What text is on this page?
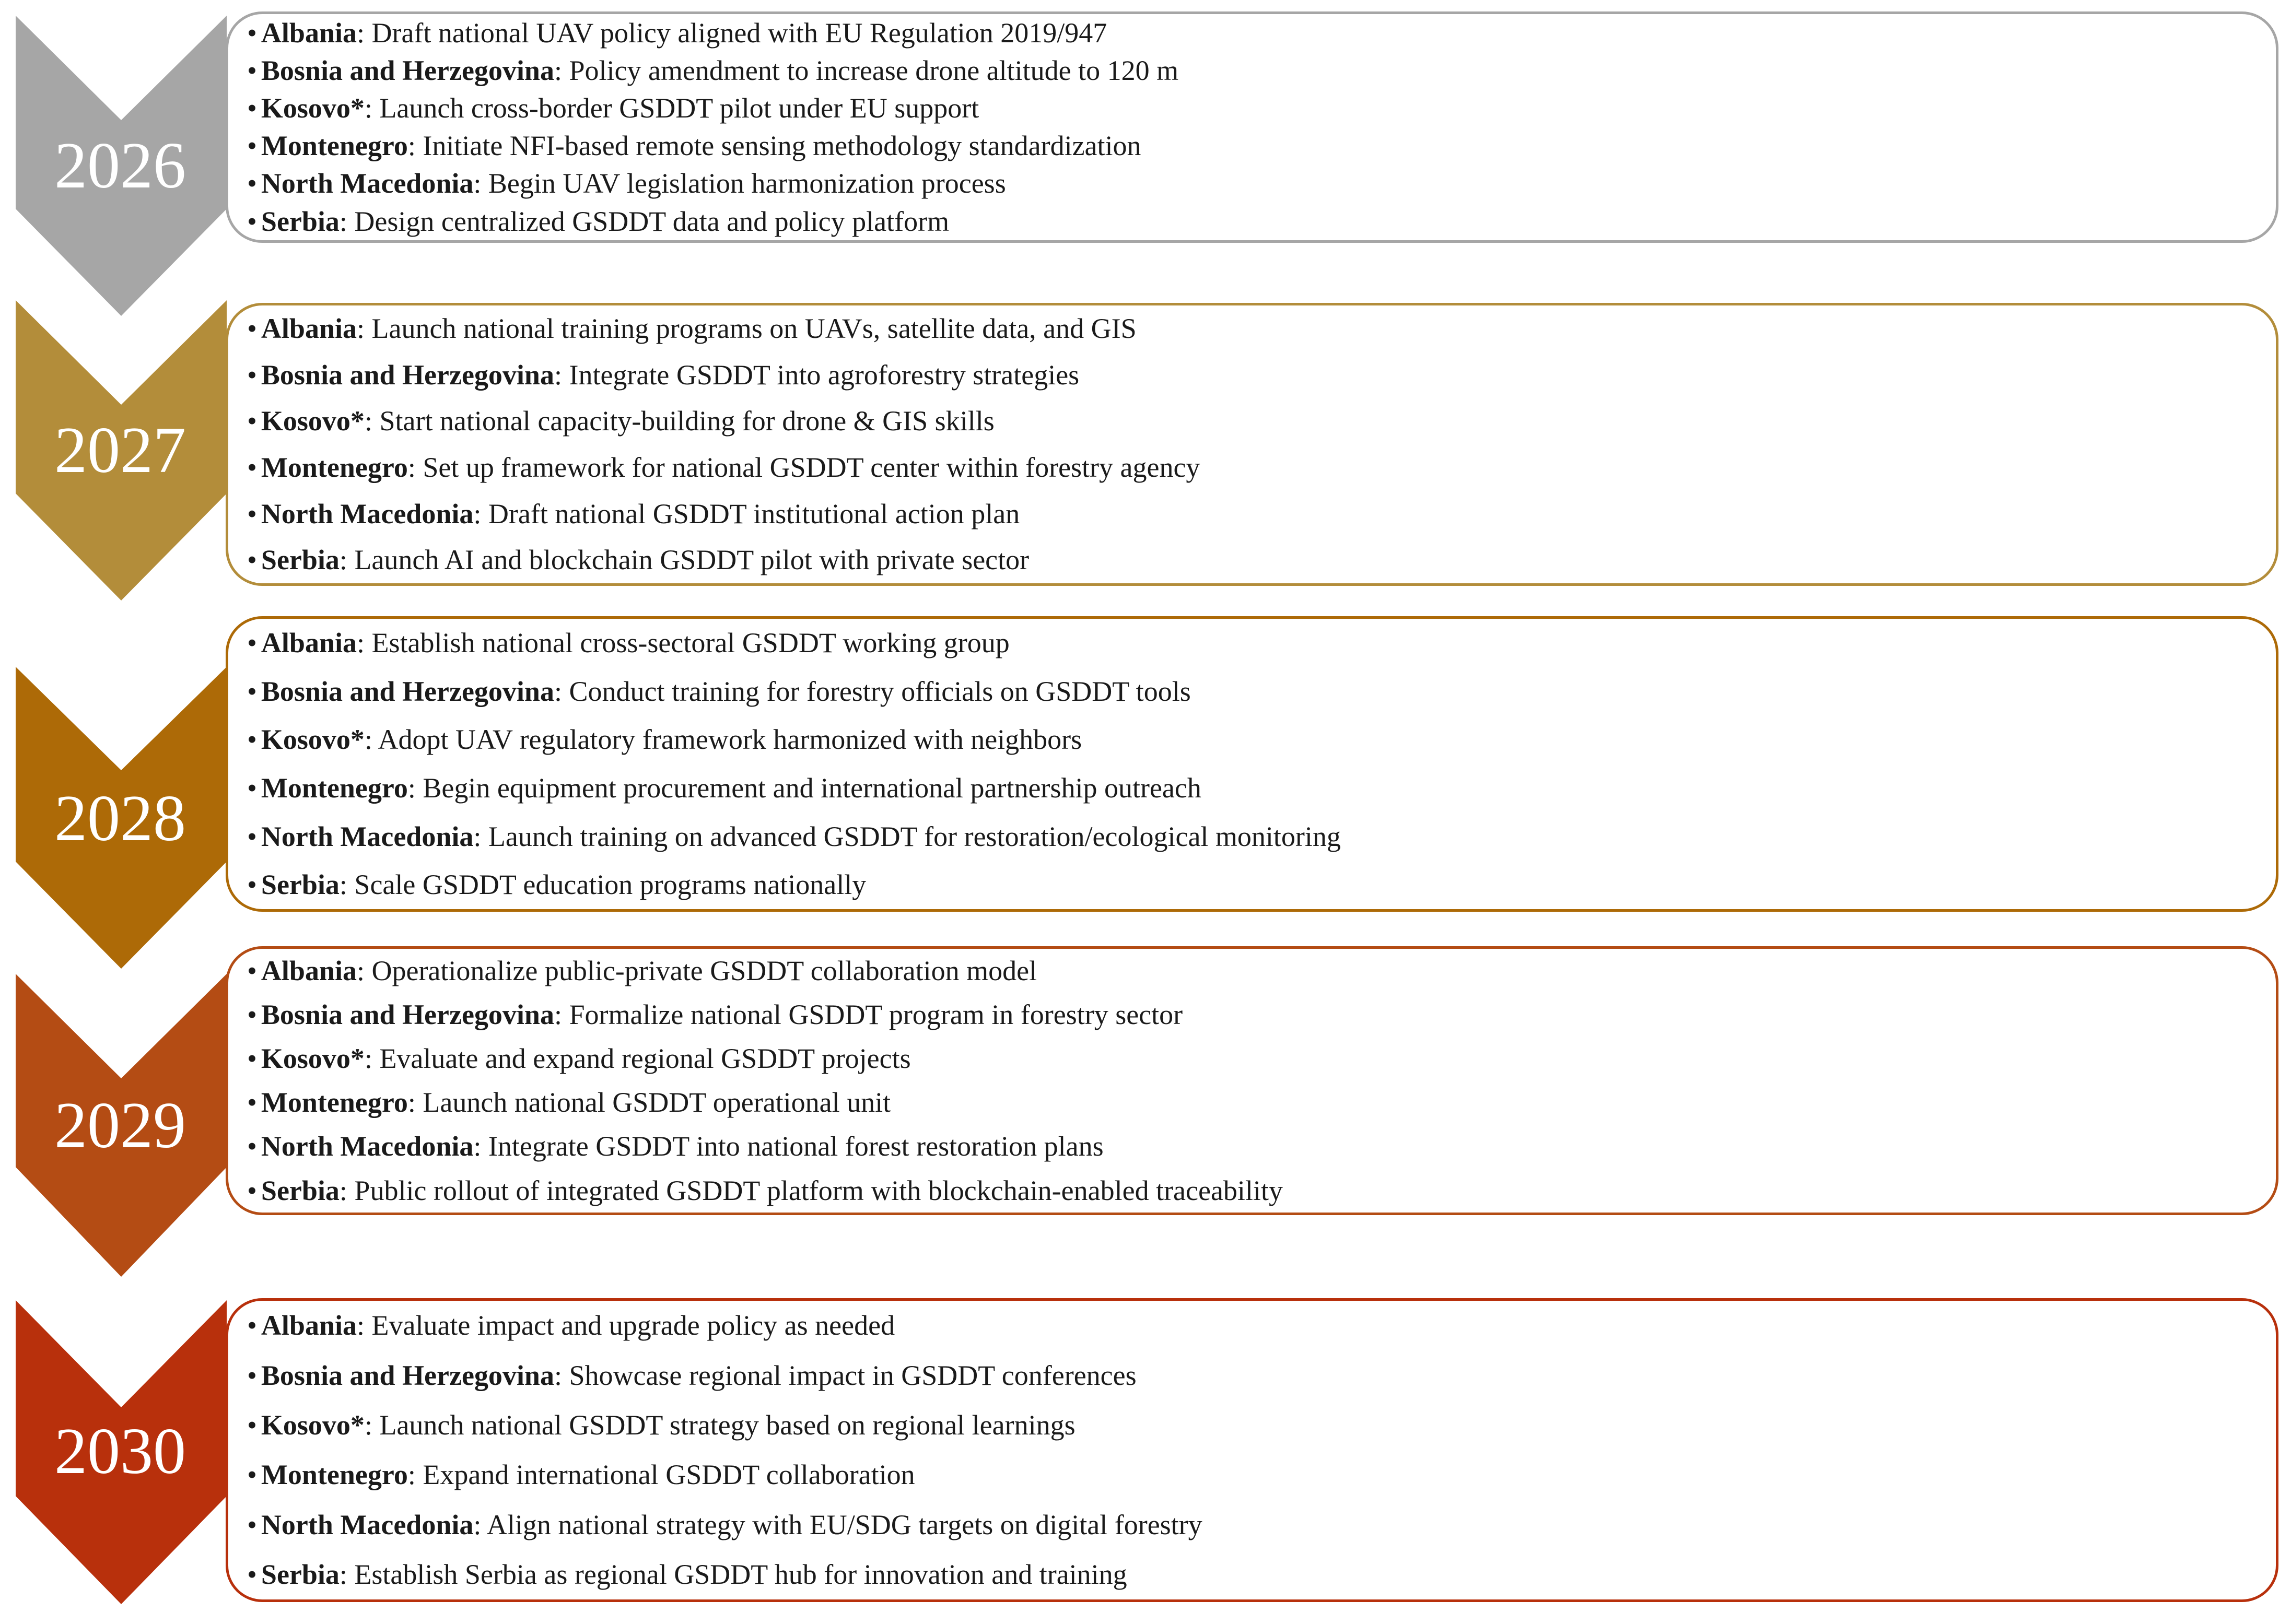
2026
• Albania: Draft national UAV policy aligned with EU Regulation 2019/947
• Bosnia and Herzegovina: Policy amendment to increase drone altitude to 120 m
• Kosovo*: Launch cross-border GSDDT pilot under EU support
• Montenegro: Initiate NFI-based remote sensing methodology standardization
• North Macedonia: Begin UAV legislation harmonization process
• Serbia: Design centralized GSDDT data and policy platform
2027
• Albania: Launch national training programs on UAVs, satellite data, and GIS
• Bosnia and Herzegovina: Integrate GSDDT into agroforestry strategies
• Kosovo*: Start national capacity-building for drone & GIS skills
• Montenegro: Set up framework for national GSDDT center within forestry agency
• North Macedonia: Draft national GSDDT institutional action plan
• Serbia: Launch AI and blockchain GSDDT pilot with private sector
2028
• Albania: Establish national cross-sectoral GSDDT working group
• Bosnia and Herzegovina: Conduct training for forestry officials on GSDDT tools
• Kosovo*: Adopt UAV regulatory framework harmonized with neighbors
• Montenegro: Begin equipment procurement and international partnership outreach
• North Macedonia: Launch training on advanced GSDDT for restoration/ecological monitoring
• Serbia: Scale GSDDT education programs nationally
2029
• Albania: Operationalize public-private GSDDT collaboration model
• Bosnia and Herzegovina: Formalize national GSDDT program in forestry sector
• Kosovo*: Evaluate and expand regional GSDDT projects
• Montenegro: Launch national GSDDT operational unit
• North Macedonia: Integrate GSDDT into national forest restoration plans
• Serbia: Public rollout of integrated GSDDT platform with blockchain-enabled traceability
2030
• Albania: Evaluate impact and upgrade policy as needed
• Bosnia and Herzegovina: Showcase regional impact in GSDDT conferences
• Kosovo*: Launch national GSDDT strategy based on regional learnings
• Montenegro: Expand international GSDDT collaboration
• North Macedonia: Align national strategy with EU/SDG targets on digital forestry
• Serbia: Establish Serbia as regional GSDDT hub for innovation and training
